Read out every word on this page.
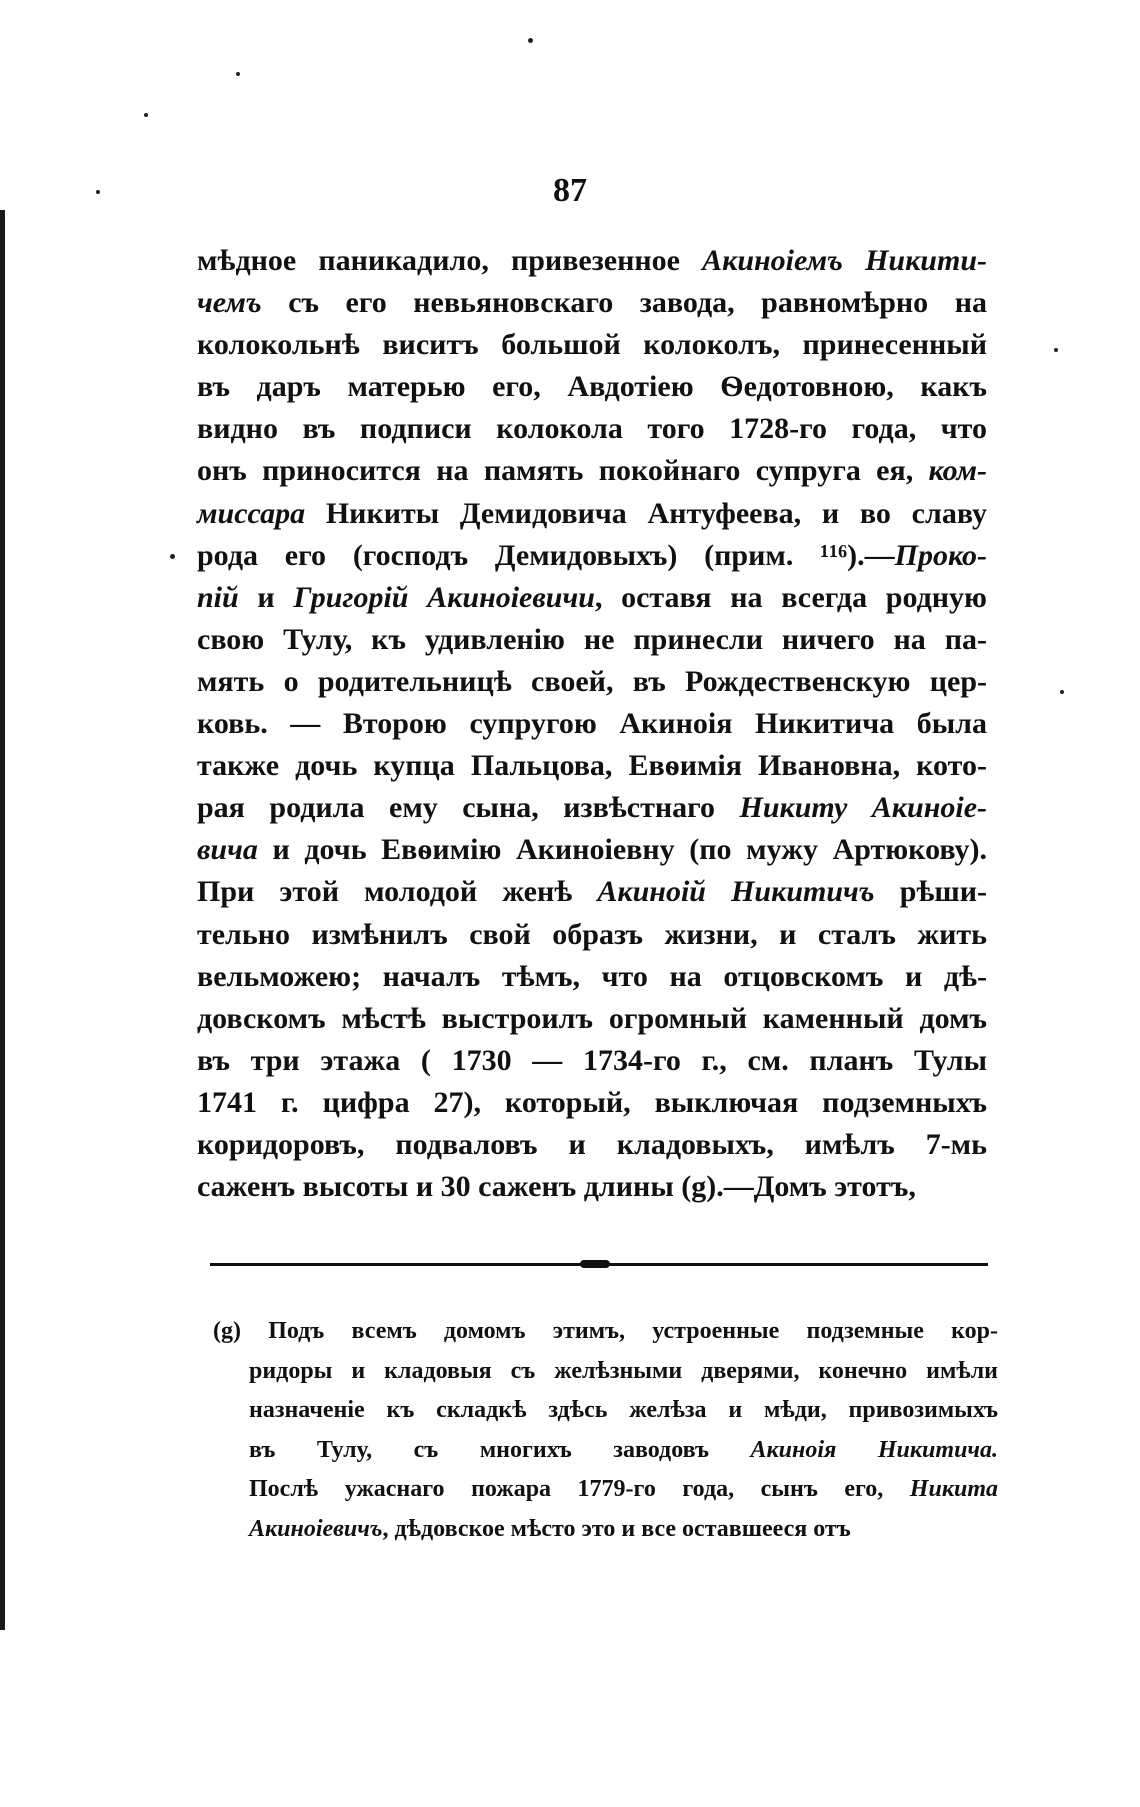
87
мѣдное паникадило, привезенное Акиноіемъ Никити-
чемъ съ его невьяновскаго завода, равномѣрно на
колокольнѣ виситъ большой колоколъ, принесенный
въ даръ матерью его, Авдотіею Ѳедотовною, какъ
видно въ подписи колокола того 1728-го года, что
онъ приносится на память покойнаго супруга ея, ком-
миссара Никиты Демидовича Антуфеева, и во славу
рода его (господъ Демидовыхъ) (прим. ¹¹⁶).—Проко-
пій и Григорій Акиноіевичи, оставя на всегда родную
свою Тулу, къ удивленію не принесли ничего на па-
мять о родительницѣ своей, въ Рождественскую цер-
ковь. — Второю супругою Акиноія Никитича была
также дочь купца Пальцова, Евѳимія Ивановна, кото-
рая родила ему сына, извѣстнаго Никиту Акиноіе-
вича и дочь Евѳимію Акиноіевну (по мужу Артюкову).
При этой молодой женѣ Акиноій Никитичъ рѣши-
тельно измѣнилъ свой образъ жизни, и сталъ жить
вельможею; началъ тѣмъ, что на отцовскомъ и дѣ-
довскомъ мѣстѣ выстроилъ огромный каменный домъ
въ три этажа ( 1730 — 1734-го г., см. планъ Тулы
1741 г. цифра 27), который, выключая подземныхъ
коридоровъ, подваловъ и кладовыхъ, имѣлъ 7-мь
саженъ высоты и 30 саженъ длины (g).—Домъ этотъ,
(g) Подъ всемъ домомъ этимъ, устроенные подземные кор-
ридоры и кладовыя съ желѣзными дверями, конечно имѣли
назначеніе къ складкѣ здѣсь желѣза и мѣди, привозимыхъ
въ Тулу, съ многихъ заводовъ Акиноія Никитича.
Послѣ ужаснаго пожара 1779-го года, сынъ его, Никита
Акиноіевичъ, дѣдовское мѣсто это и все оставшееся отъ
